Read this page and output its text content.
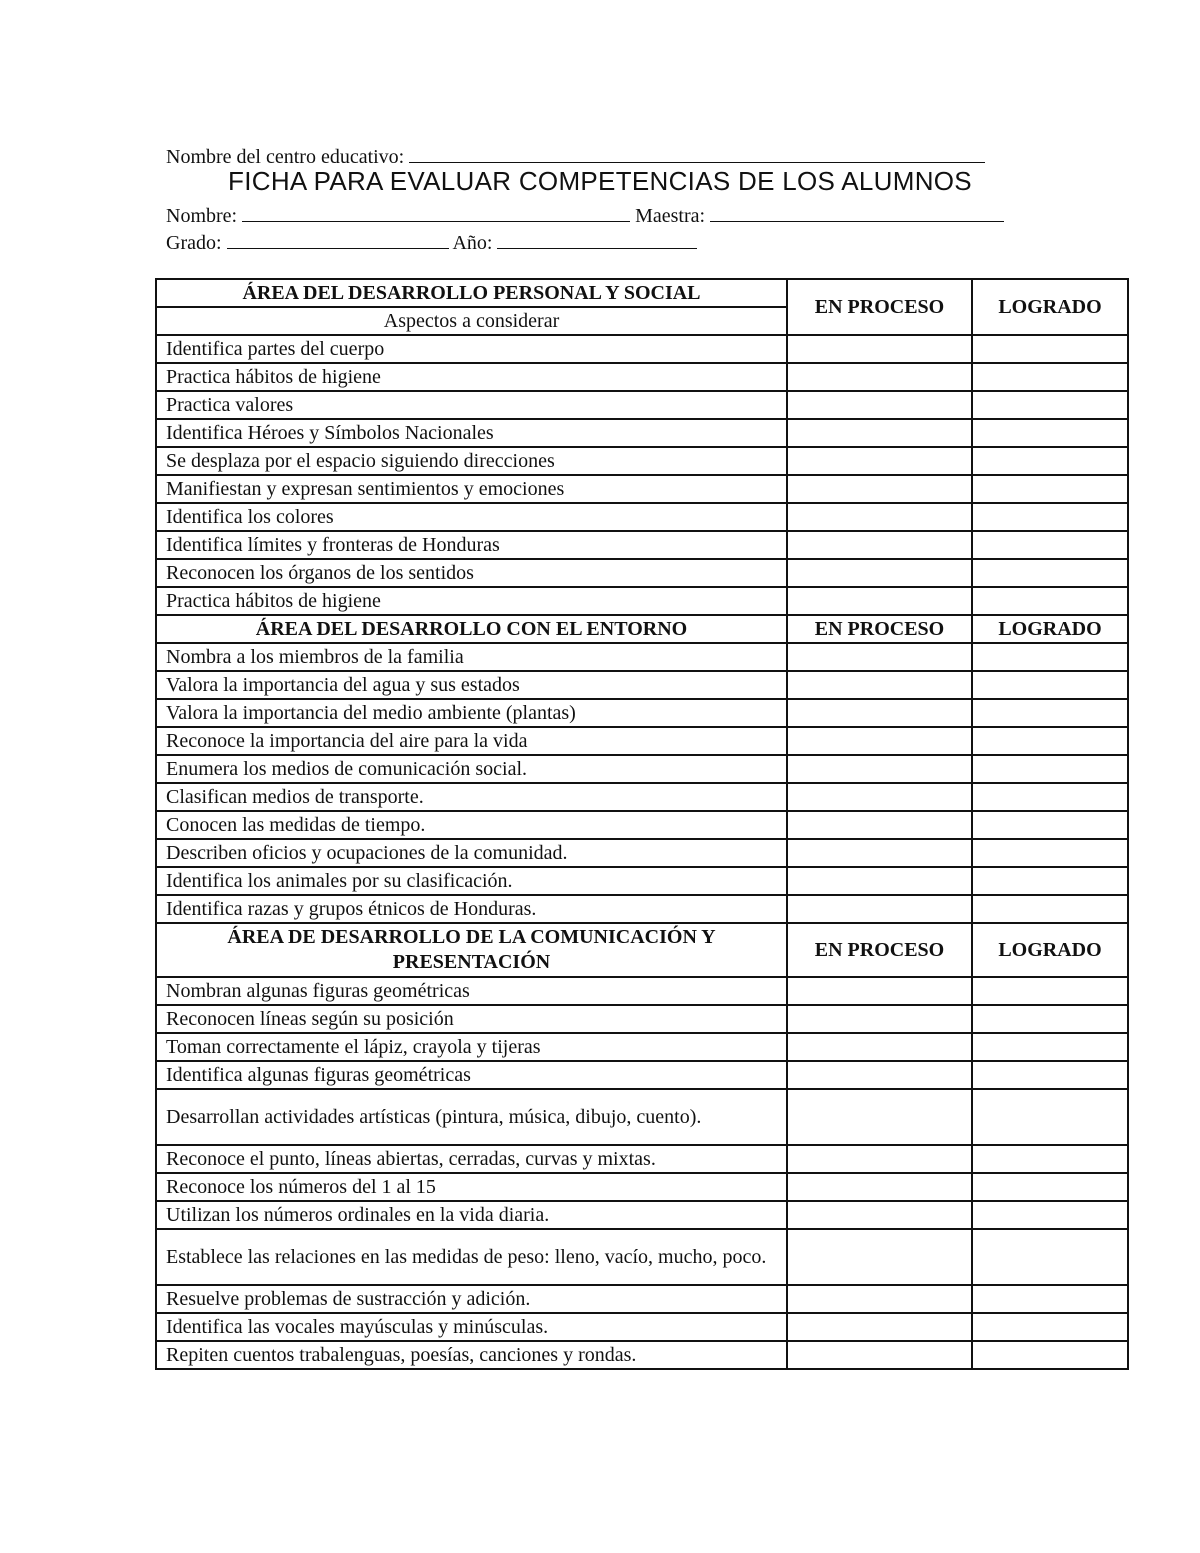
Nombre del centro educativo:
FICHA PARA EVALUAR COMPETENCIAS DE LOS ALUMNOS
Nombre:	Maestra:
Grado:	Año:
ÁREA DEL DESARROLLO PERSONAL Y SOCIAL	EN PROCESO	LOGRADO
Aspectos a considerar		
Identifica partes del cuerpo		
Practica hábitos de higiene		
Practica valores		
Identifica Héroes y Símbolos Nacionales		
Se desplaza por el espacio siguiendo direcciones		
Manifiestan y expresan sentimientos y emociones		
Identifica los colores		
Identifica límites y fronteras de Honduras		
Reconocen los órganos de los sentidos		
Practica hábitos de higiene		
ÁREA DEL DESARROLLO CON EL ENTORNO	EN PROCESO	LOGRADO
Nombra a los miembros de la familia		
Valora la importancia del agua y sus estados		
Valora la importancia del medio ambiente (plantas)		
Reconoce la importancia del aire para la vida		
Enumera los medios de comunicación social.		
Clasifican medios de transporte.		
Conocen las medidas de tiempo.		
Describen oficios y ocupaciones de la comunidad.		
Identifica los animales por su clasificación.		
Identifica razas y grupos étnicos de Honduras.		
ÁREA DE DESARROLLO DE LA COMUNICACIÓN Y PRESENTACIÓN	EN PROCESO	LOGRADO
Nombran algunas figuras geométricas		
Reconocen líneas según su posición		
Toman correctamente el lápiz, crayola y tijeras		
Identifica algunas figuras geométricas		
Desarrollan actividades artísticas (pintura, música, dibujo, cuento).		
Reconoce el punto, líneas abiertas, cerradas, curvas y mixtas.		
Reconoce los números del 1 al 15		
Utilizan los números ordinales en la vida diaria.		
Establece las relaciones en las medidas de peso: lleno, vacío, mucho, poco.		
Resuelve problemas de sustracción y adición.		
Identifica las vocales mayúsculas y minúsculas.		
Repiten cuentos trabalenguas, poesías, canciones y rondas.		
